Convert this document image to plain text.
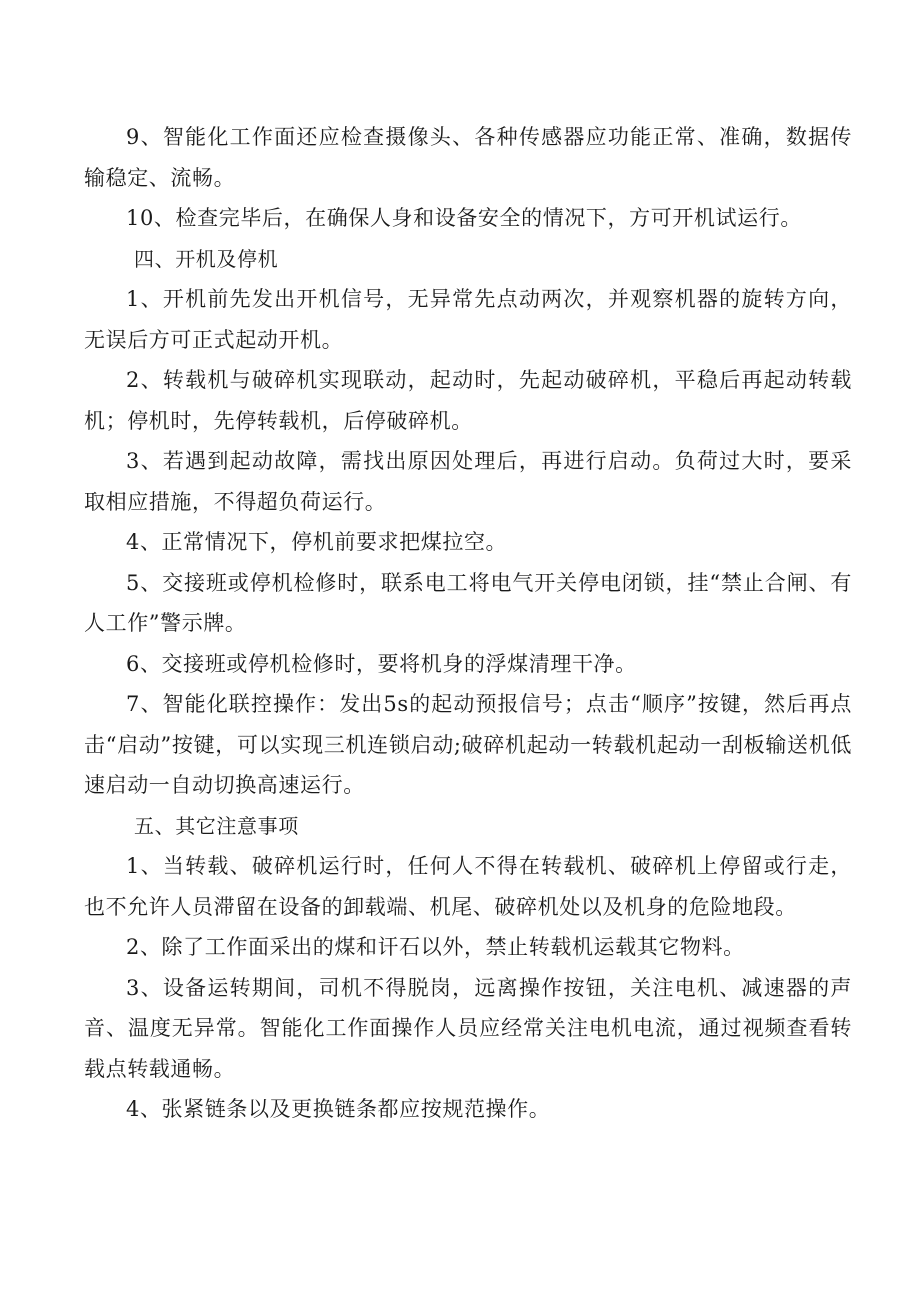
9、智能化工作面还应检查摄像头、各种传感器应功能正常、准确，数据传输稳定、流畅。

10、检查完毕后，在确保人身和设备安全的情况下，方可开机试运行。

四、开机及停机

1、开机前先发出开机信号，无异常先点动两次，并观察机器的旋转方向，无误后方可正式起动开机。

2、转载机与破碎机实现联动，起动时，先起动破碎机，平稳后再起动转载机；停机时，先停转载机，后停破碎机。

3、若遇到起动故障，需找出原因处理后，再进行启动。负荷过大时，要采取相应措施，不得超负荷运行。

4、正常情况下，停机前要求把煤拉空。

5、交接班或停机检修时，联系电工将电气开关停电闭锁，挂“禁止合闸、有人工作”警示牌。

6、交接班或停机检修时，要将机身的浮煤清理干净。

7、智能化联控操作：发出5s的起动预报信号；点击“顺序”按键，然后再点击“启动”按键，可以实现三机连锁启动;破碎机起动一转载机起动一刮板输送机低速启动一自动切换高速运行。

五、其它注意事项

1、当转载、破碎机运行时，任何人不得在转载机、破碎机上停留或行走，也不允许人员滞留在设备的卸载端、机尾、破碎机处以及机身的危险地段。

2、除了工作面采出的煤和讦石以外，禁止转载机运载其它物料。

3、设备运转期间，司机不得脱岗，远离操作按钮，关注电机、减速器的声音、温度无异常。智能化工作面操作人员应经常关注电机电流，通过视频查看转载点转载通畅。

4、张紧链条以及更换链条都应按规范操作。
